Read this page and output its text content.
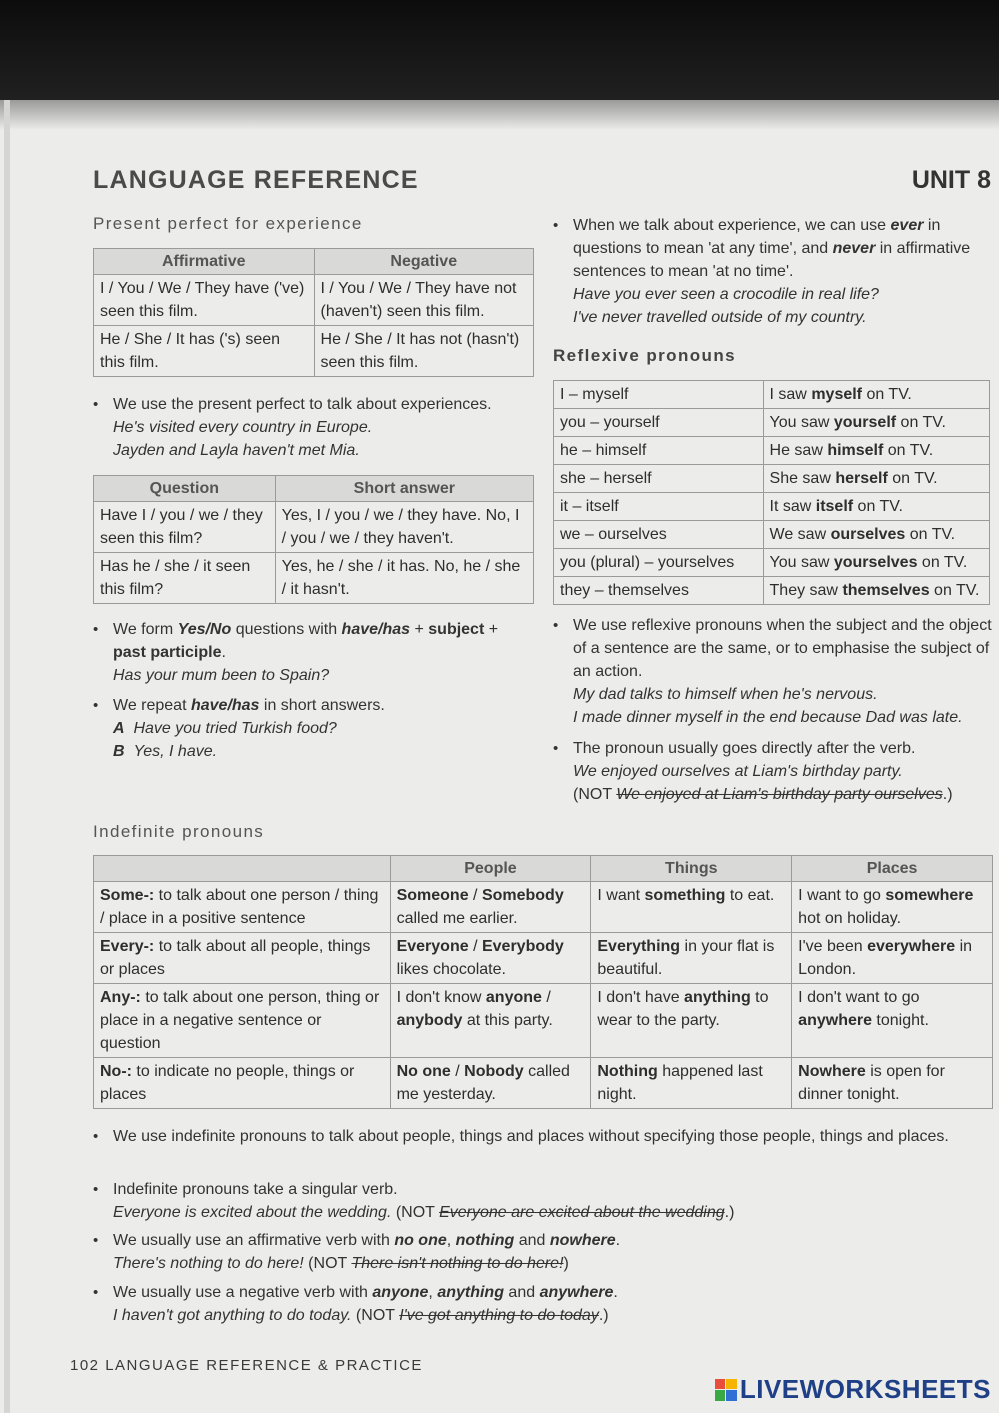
LANGUAGE REFERENCE	UNIT 8
Present perfect for experience
Affirmative	Negative
I / You / We / They have ('ve) seen this film.	I / You / We / They have not (haven't) seen this film.
He / She / It has ('s) seen this film.	He / She / It has not (hasn't) seen this film.
• We use the present perfect to talk about experiences.
He's visited every country in Europe.
Jayden and Layla haven't met Mia.
Question	Short answer
Have I / you / we / they seen this film?	Yes, I / you / we / they have. No, I / you / we / they haven't.
Has he / she / it seen this film?	Yes, he / she / it has. No, he / she / it hasn't.
• We form Yes/No questions with have/has + subject + past participle.
Has your mum been to Spain?
• We repeat have/has in short answers.
A Have you tried Turkish food?
B Yes, I have.
• When we talk about experience, we can use ever in questions to mean 'at any time', and never in affirmative sentences to mean 'at no time'.
Have you ever seen a crocodile in real life?
I've never travelled outside of my country.
Reflexive pronouns
I – myself	I saw myself on TV.
you – yourself	You saw yourself on TV.
he – himself	He saw himself on TV.
she – herself	She saw herself on TV.
it – itself	It saw itself on TV.
we – ourselves	We saw ourselves on TV.
you (plural) – yourselves	You saw yourselves on TV.
they – themselves	They saw themselves on TV.
• We use reflexive pronouns when the subject and the object of a sentence are the same, or to emphasise the subject of an action.
My dad talks to himself when he's nervous.
I made dinner myself in the end because Dad was late.
• The pronoun usually goes directly after the verb.
We enjoyed ourselves at Liam's birthday party.
(NOT We enjoyed at Liam's birthday party ourselves.)
Indefinite pronouns
	People	Things	Places
Some-: to talk about one person / thing / place in a positive sentence	Someone / Somebody called me earlier.	I want something to eat.	I want to go somewhere hot on holiday.
Every-: to talk about all people, things or places	Everyone / Everybody likes chocolate.	Everything in your flat is beautiful.	I've been everywhere in London.
Any-: to talk about one person, thing or place in a negative sentence or question	I don't know anyone / anybody at this party.	I don't have anything to wear to the party.	I don't want to go anywhere tonight.
No-: to indicate no people, things or places	No one / Nobody called me yesterday.	Nothing happened last night.	Nowhere is open for dinner tonight.
• We use indefinite pronouns to talk about people, things and places without specifying those people, things and places.
• Indefinite pronouns take a singular verb.
Everyone is excited about the wedding. (NOT Everyone are excited about the wedding.)
• We usually use an affirmative verb with no one, nothing and nowhere.
There's nothing to do here! (NOT There isn't nothing to do here!)
• We usually use a negative verb with anyone, anything and anywhere.
I haven't got anything to do today. (NOT I've got anything to do today.)
102 LANGUAGE REFERENCE & PRACTICE
LIVEWORKSHEETS
